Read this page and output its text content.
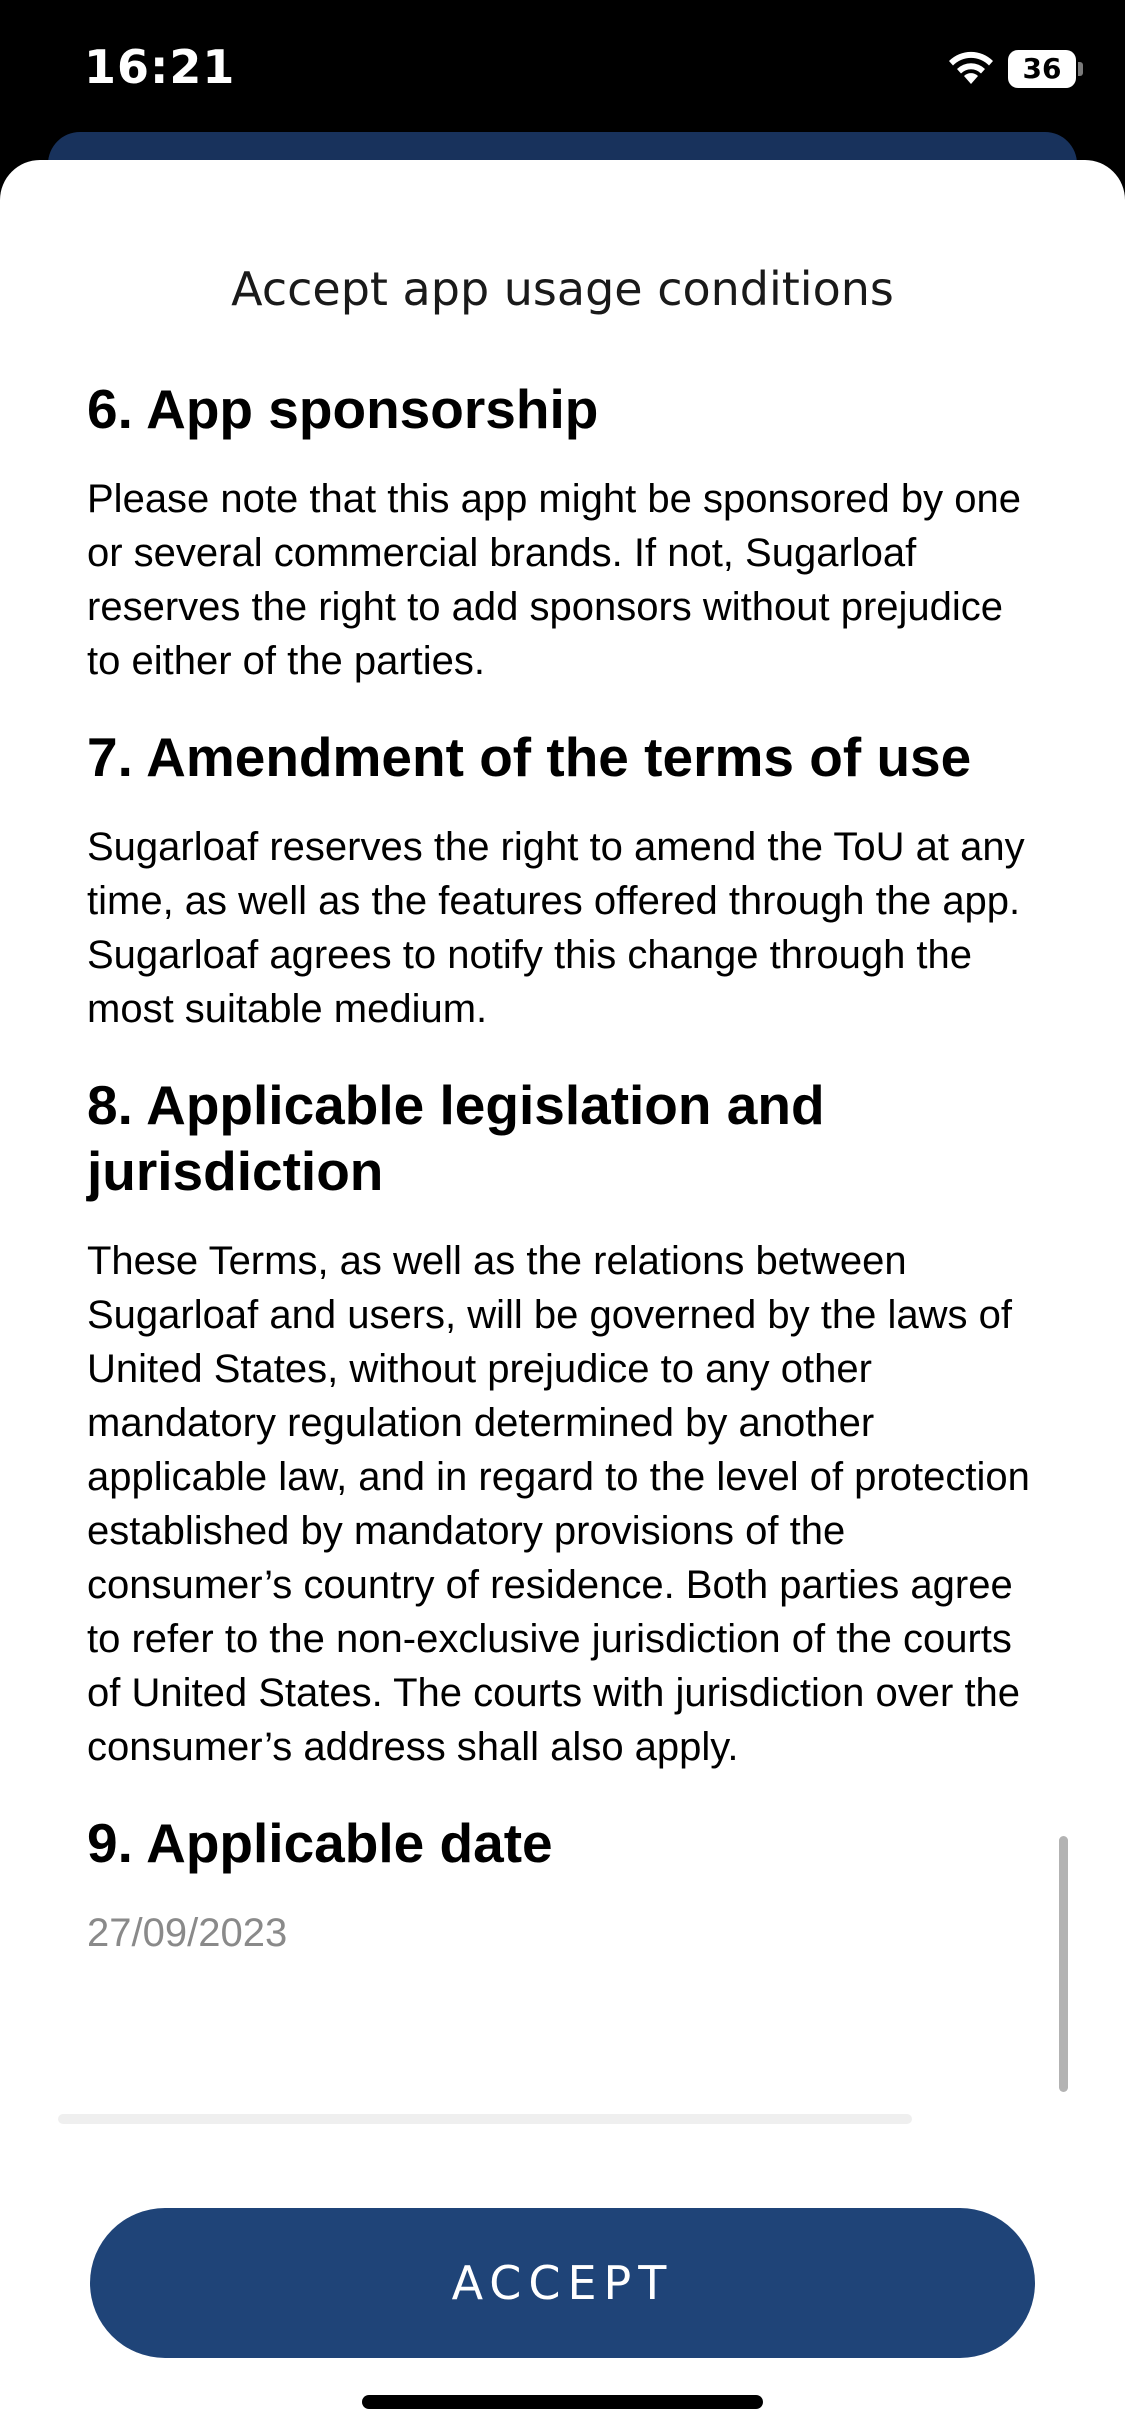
16:21	36
Accept app usage conditions
6. App sponsorship

Please note that this app might be sponsored by one or several commercial brands. If not, Sugarloaf reserves the right to add sponsors without prejudice to either of the parties.

7. Amendment of the terms of use

Sugarloaf reserves the right to amend the ToU at any time, as well as the features offered through the app. Sugarloaf agrees to notify this change through the most suitable medium.

8. Applicable legislation and jurisdiction

These Terms, as well as the relations between Sugarloaf and users, will be governed by the laws of United States, without prejudice to any other mandatory regulation determined by another applicable law, and in regard to the level of protection established by mandatory provisions of the consumer’s country of residence. Both parties agree to refer to the non-exclusive jurisdiction of the courts of United States. The courts with jurisdiction over the consumer’s address shall also apply.

9. Applicable date

27/09/2023

ACCEPT
